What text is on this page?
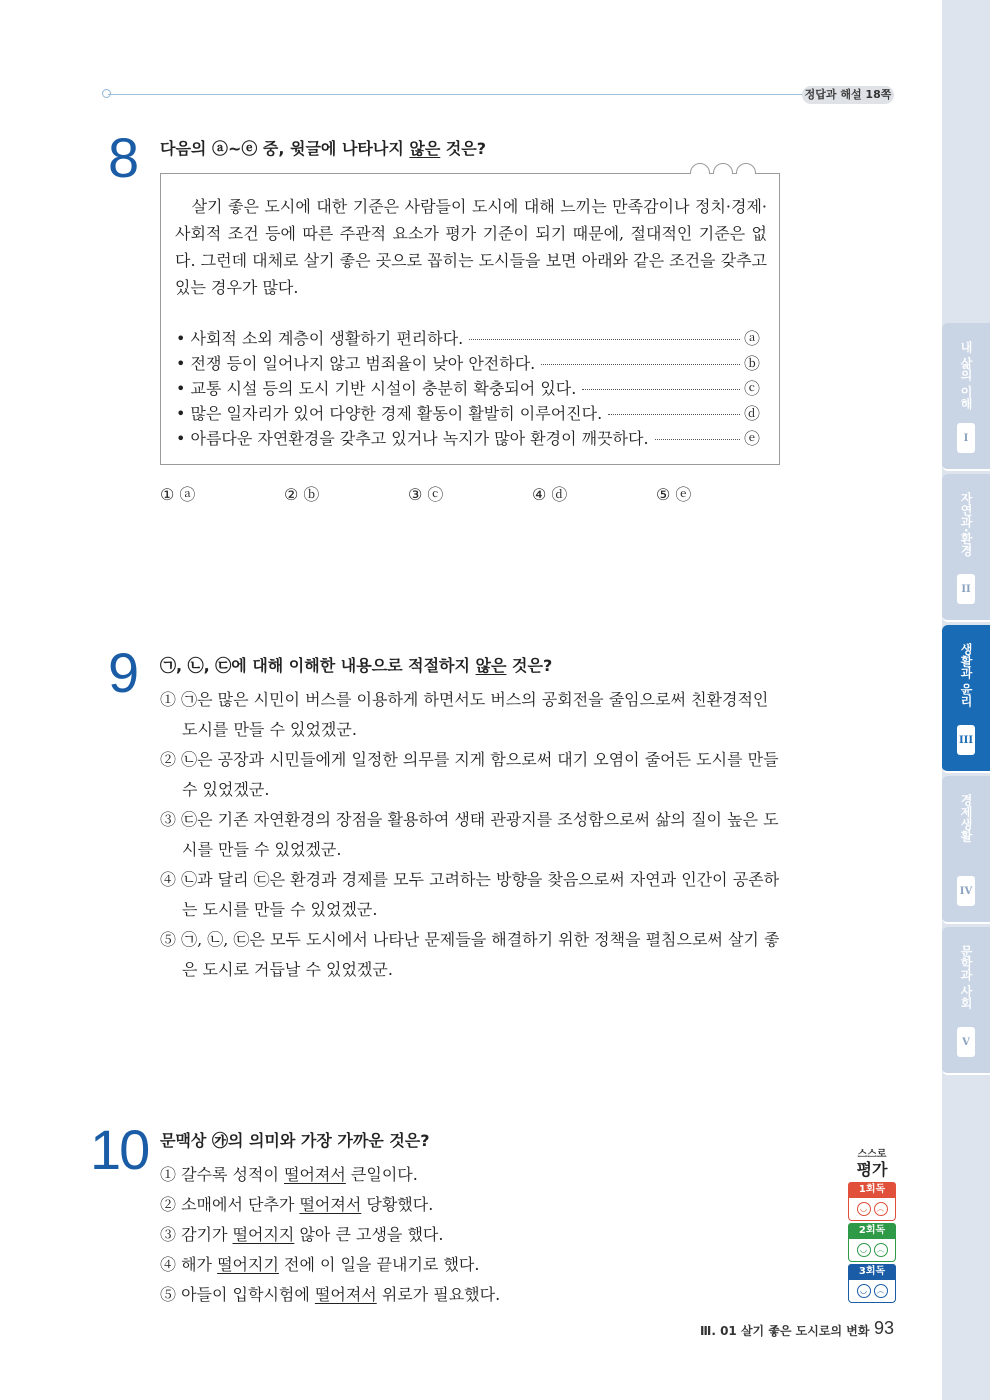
정답과 해설 18쪽
내 삶의 이해
I
자연과·환경
II
생활과 윤리
III
경제생활
IV
문학과 사회
V
8 다음의 ⓐ~ⓔ 중, 윗글에 나타나지 않은 것은?
살기 좋은 도시에 대한 기준은 사람들이 도시에 대해 느끼는 만족감이나 정치·경제·사회적 조건 등에 따른 주관적 요소가 평가 기준이 되기 때문에, 절대적인 기준은 없다. 그런데 대체로 살기 좋은 곳으로 꼽히는 도시들을 보면 아래와 같은 조건을 갖추고 있는 경우가 많다.
• 사회적 소외 계층이 생활하기 편리하다.	ⓐ
• 전쟁 등이 일어나지 않고 범죄율이 낮아 안전하다.	ⓑ
• 교통 시설 등의 도시 기반 시설이 충분히 확충되어 있다.	ⓒ
• 많은 일자리가 있어 다양한 경제 활동이 활발히 이루어진다.	ⓓ
• 아름다운 자연환경을 갖추고 있거나 녹지가 많아 환경이 깨끗하다.	ⓔ
① ⓐ	② ⓑ	③ ⓒ	④ ⓓ	⑤ ⓔ
9 ㉠, ㉡, ㉢에 대해 이해한 내용으로 적절하지 않은 것은?

① ㉠은 많은 시민이 버스를 이용하게 하면서도 버스의 공회전을 줄임으로써 친환경적인 도시를 만들 수 있었겠군.

② ㉡은 공장과 시민들에게 일정한 의무를 지게 함으로써 대기 오염이 줄어든 도시를 만들 수 있었겠군.

③ ㉢은 기존 자연환경의 장점을 활용하여 생태 관광지를 조성함으로써 삶의 질이 높은 도시를 만들 수 있었겠군.

④ ㉡과 달리 ㉢은 환경과 경제를 모두 고려하는 방향을 찾음으로써 자연과 인간이 공존하는 도시를 만들 수 있었겠군.

⑤ ㉠, ㉡, ㉢은 모두 도시에서 나타난 문제들을 해결하기 위한 정책을 펼침으로써 살기 좋은 도시로 거듭날 수 있었겠군.

10 문맥상 ㉮의 의미와 가장 가까운 것은?

① 갈수록 성적이 떨어져서 큰일이다.

② 소매에서 단추가 떨어져서 당황했다.

③ 감기가 떨어지지 않아 큰 고생을 했다.

④ 해가 떨어지기 전에 이 일을 끝내기로 했다.

⑤ 아들이 입학시험에 떨어져서 위로가 필요했다.

스스로
평가
1회독
◡	︵
2회독
◡	︵
3회독
◡	︵
Ⅲ. 01 살기 좋은 도시로의 변화 93
